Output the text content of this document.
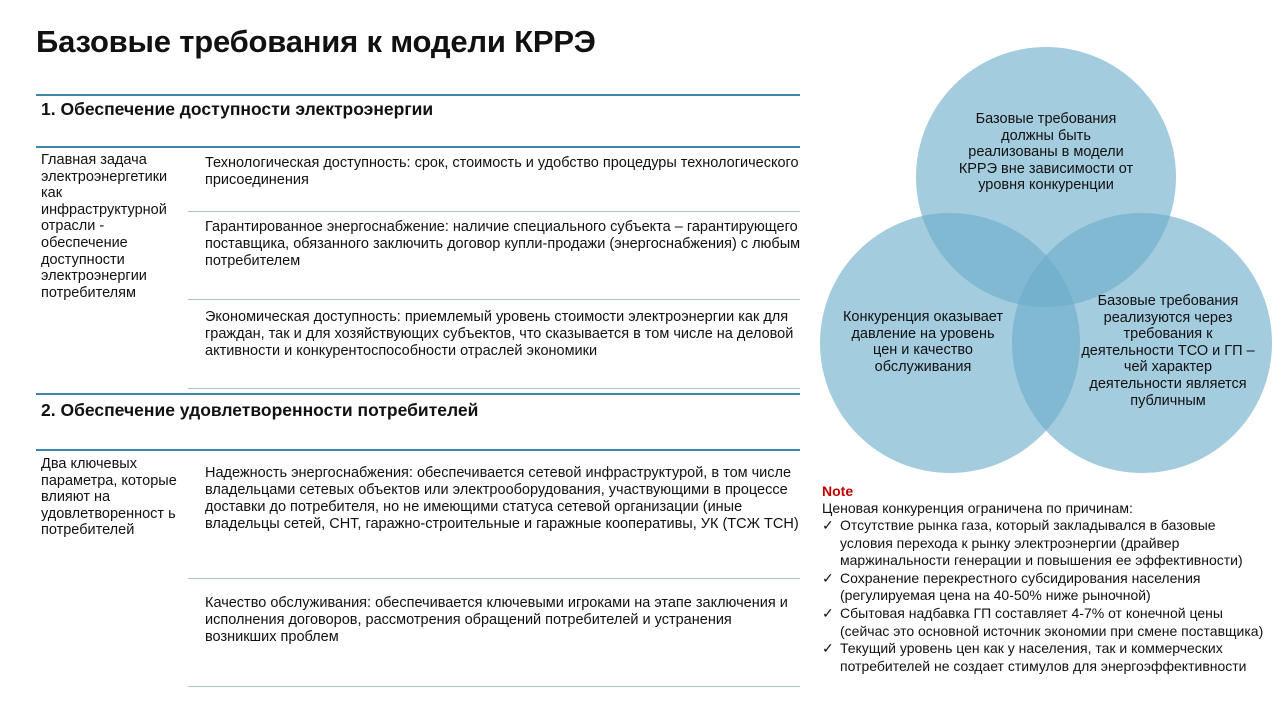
Базовые требования к модели КРРЭ
1. Обеспечение доступности электроэнергии
Главная задача электроэнергетики как инфраструктурной отрасли - обеспечение доступности электроэнергии потребителям
Технологическая доступность: срок, стоимость и удобство процедуры технологического присоединения
Гарантированное энергоснабжение: наличие специального субъекта – гарантирующего поставщика, обязанного заключить договор купли-продажи (энергоснабжения) с любым потребителем
Экономическая доступность: приемлемый уровень стоимости электроэнергии как для граждан, так и для хозяйствующих субъектов, что сказывается в том числе на деловой активности и конкурентоспособности отраслей экономики
2. Обеспечение удовлетворенности потребителей
Два ключевых параметра, которые влияют на удовлетворенност ь потребителей
Надежность энергоснабжения: обеспечивается сетевой инфраструктурой, в том числе владельцами сетевых объектов или электрооборудования, участвующими в процессе доставки до потребителя, но не имеющими статуса сетевой организации (иные владельцы сетей, СНТ, гаражно-строительные и гаражные кооперативы, УК (ТСЖ ТСН)
Качество обслуживания: обеспечивается ключевыми игроками на этапе заключения и исполнения договоров, рассмотрения обращений потребителей и устранения возникших проблем
Базовые требования должны быть реализованы в модели КРРЭ вне зависимости от уровня конкуренции
Конкуренция оказывает давление на уровень цен и качество обслуживания
Базовые требования реализуются через требования к деятельности ТСО и ГП – чей характер деятельности является публичным
Note
Ценовая конкуренция ограничена по причинам:
✓ Отсутствие рынка газа, который закладывался в базовые условия перехода к рынку электроэнергии (драйвер маржинальности генерации и повышения ее эффективности)
✓ Сохранение перекрестного субсидирования населения (регулируемая цена на 40-50% ниже рыночной)
✓ Сбытовая надбавка ГП составляет 4-7% от конечной цены (сейчас это основной источник экономии при смене поставщика)
✓ Текущий уровень цен как у населения, так и коммерческих потребителей не создает стимулов для энергоэффективности
